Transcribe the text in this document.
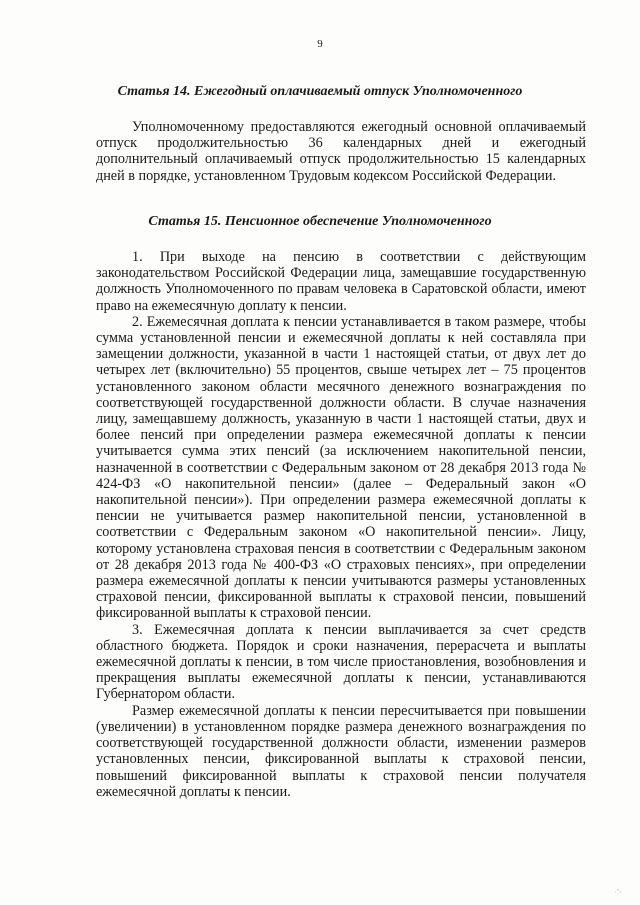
9
Статья 14. Ежегодный оплачиваемый отпуск Уполномоченного

Уполномоченному предоставляются ежегодный основной оплачиваемый отпуск продолжительностью 36 календарных дней и ежегодный дополнительный оплачиваемый отпуск продолжительностью 15 календарных дней в порядке, установленном Трудовым кодексом Российской Федерации.

Статья 15. Пенсионное обеспечение Уполномоченного

1. При выходе на пенсию в соответствии с действующим законодательством Российской Федерации лица, замещавшие государственную должность Уполномоченного по правам человека в Саратовской области, имеют право на ежемесячную доплату к пенсии.

2. Ежемесячная доплата к пенсии устанавливается в таком размере, чтобы сумма установленной пенсии и ежемесячной доплаты к ней составляла при замещении должности, указанной в части 1 настоящей статьи, от двух лет до четырех лет (включительно) 55 процентов, свыше четырех лет – 75 процентов установленного законом области месячного денежного вознаграждения по соответствующей государственной должности области. В случае назначения лицу, замещавшему должность, указанную в части 1 настоящей статьи, двух и более пенсий при определении размера ежемесячной доплаты к пенсии учитывается сумма этих пенсий (за исключением накопительной пенсии, назначенной в соответствии с Федеральным законом от 28 декабря 2013 года № 424-ФЗ «О накопительной пенсии» (далее – Федеральный закон «О накопительной пенсии»). При определении размера ежемесячной доплаты к пенсии не учитывается размер накопительной пенсии, установленной в соответствии с Федеральным законом «О накопительной пенсии». Лицу, которому установлена страховая пенсия в соответствии с Федеральным законом от 28 декабря 2013 года № 400-ФЗ «О страховых пенсиях», при определении размера ежемесячной доплаты к пенсии учитываются размеры установленных страховой пенсии, фиксированной выплаты к страховой пенсии, повышений фиксированной выплаты к страховой пенсии.

3. Ежемесячная доплата к пенсии выплачивается за счет средств областного бюджета. Порядок и сроки назначения, перерасчета и выплаты ежемесячной доплаты к пенсии, в том числе приостановления, возобновления и прекращения выплаты ежемесячной доплаты к пенсии, устанавливаются Губернатором области.

Размер ежемесячной доплаты к пенсии пересчитывается при повышении (увеличении) в установленном порядке размера денежного вознаграждения по соответствующей государственной должности области, изменении размеров установленных пенсии, фиксированной выплаты к страховой пенсии, повышений фиксированной выплаты к страховой пенсии получателя ежемесячной доплаты к пенсии.

·ˆ·
